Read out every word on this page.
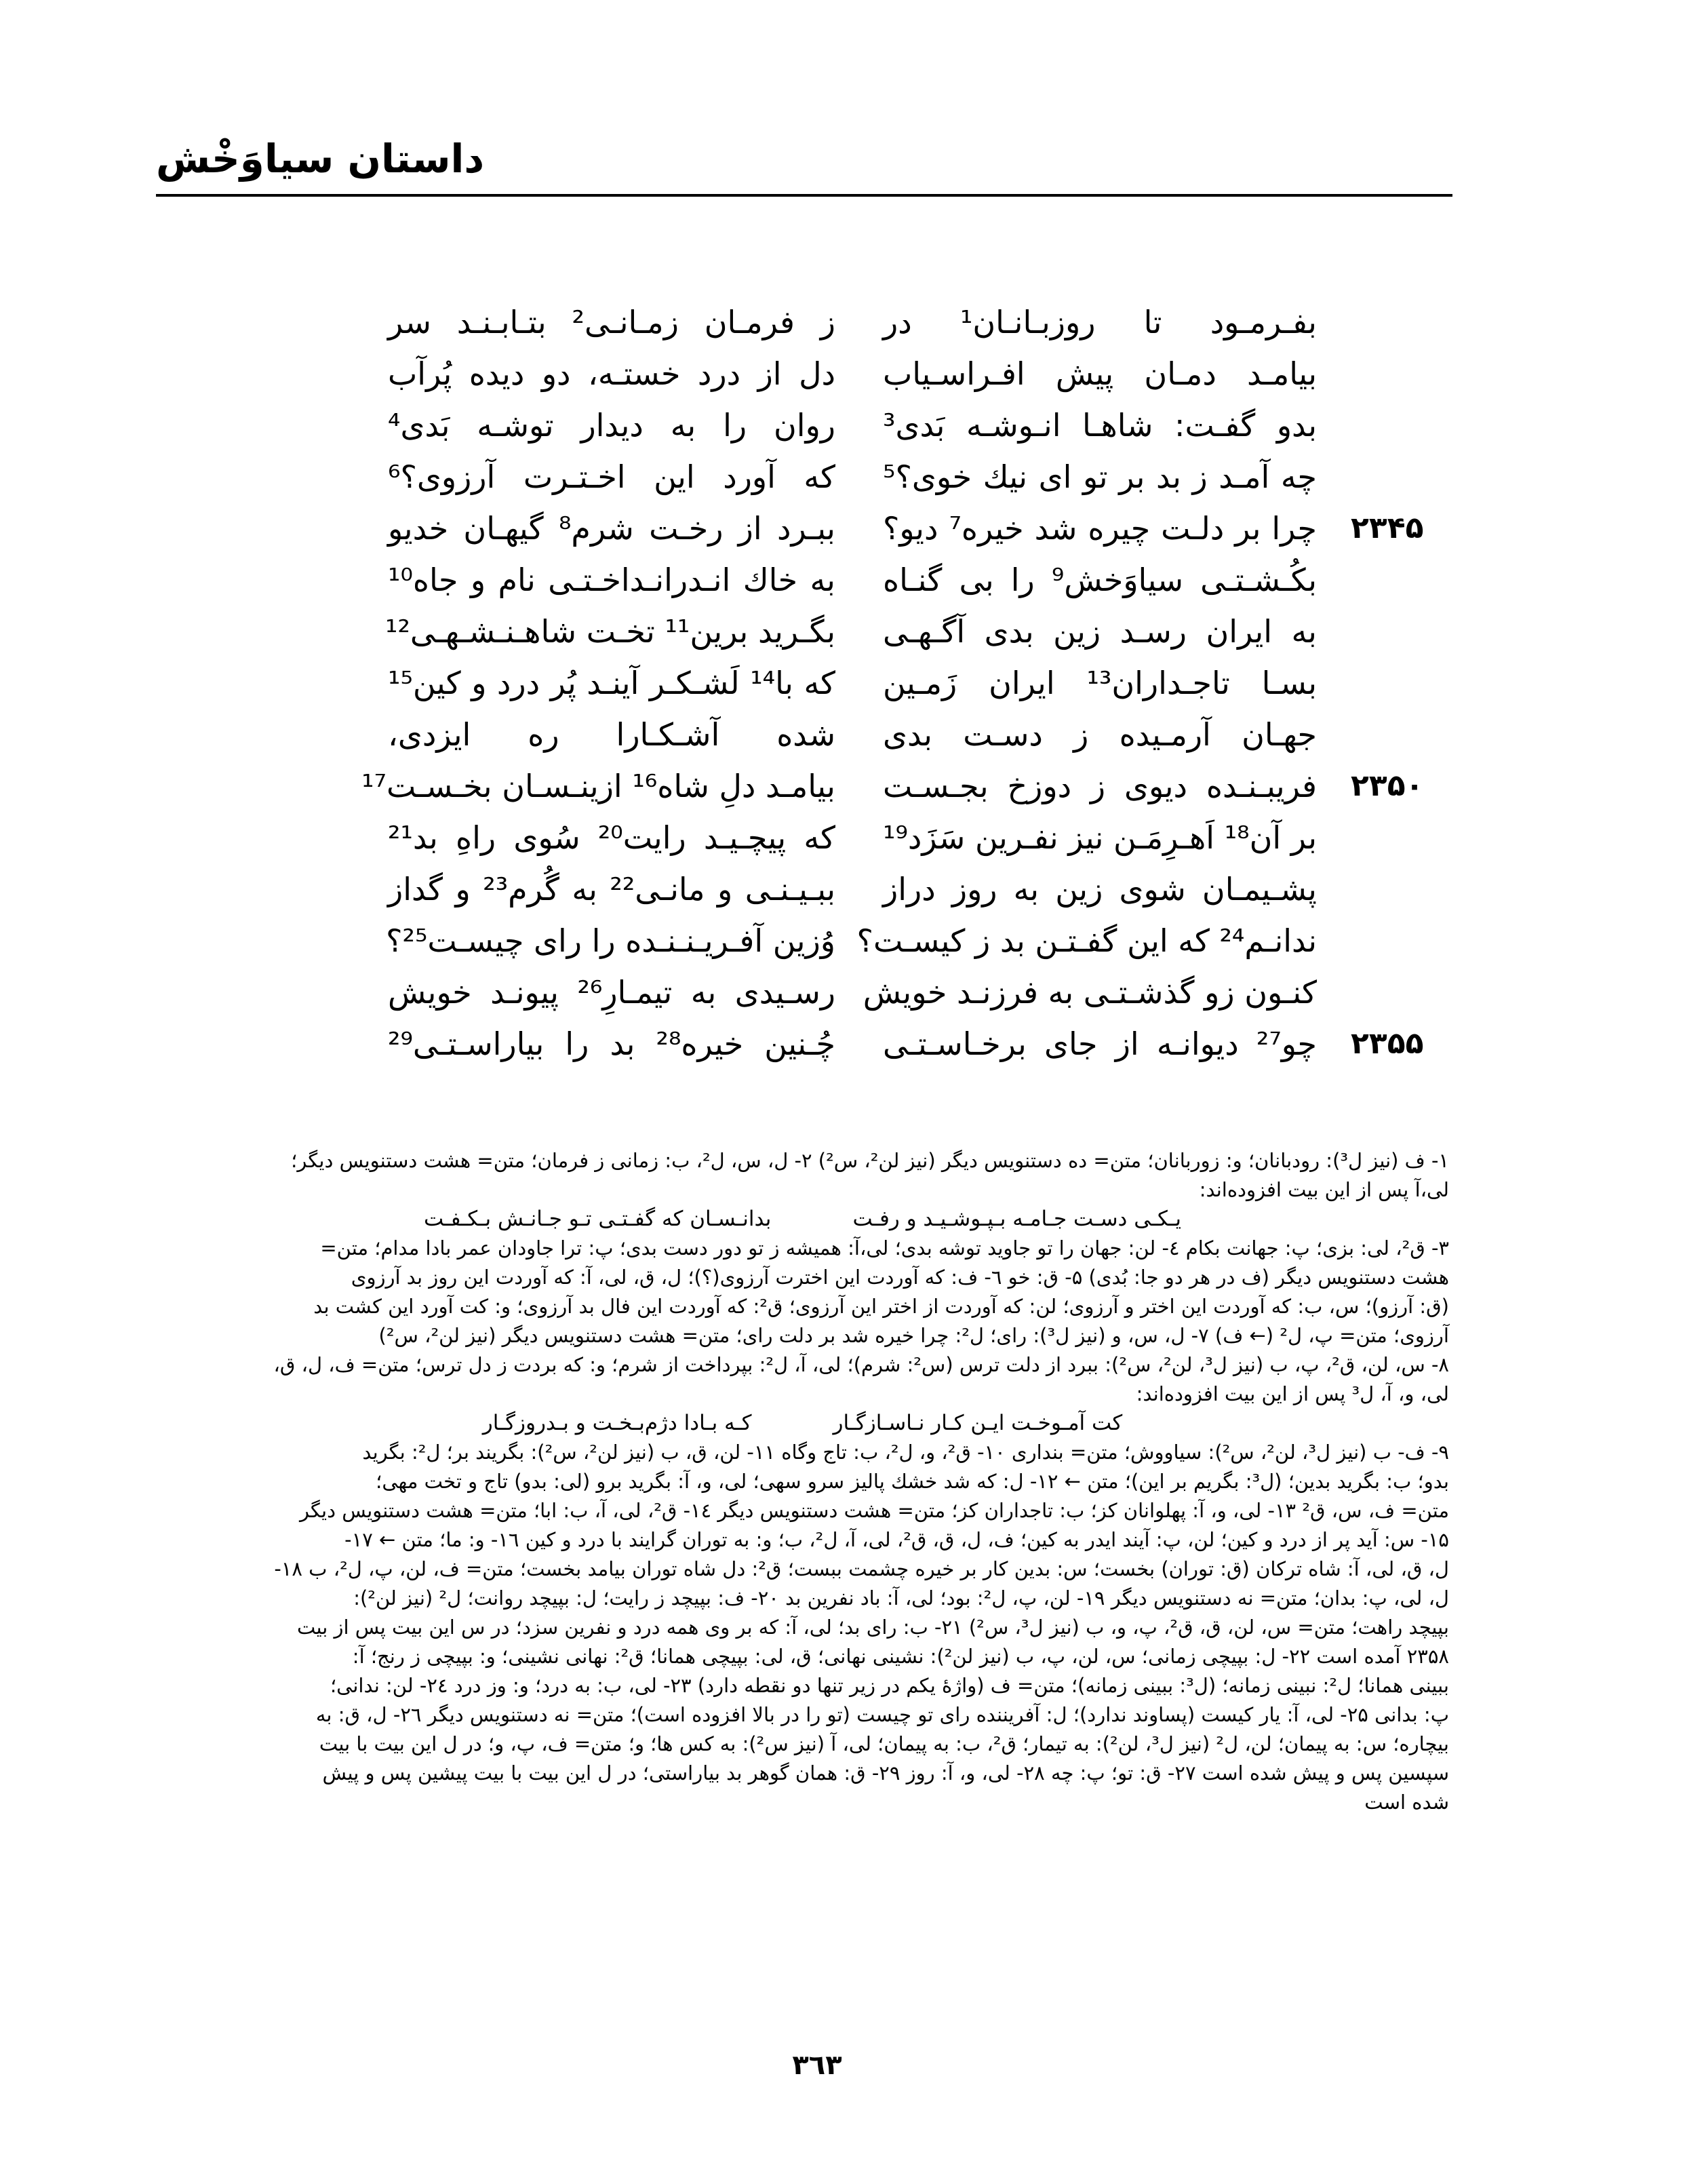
داستان سیاوَخْش
بفـرمـود تا روزبـانـان¹ در
ز فرمـان زمـانـی² بتـابـنـد سر
بیامـد دمـان پیش افـراسـیاب
دل از درد خستـه، دو دیده پُرآب
بدو گفـت: شاهـا انـوشـه بَدی³
روان را به دیدار توشـه بَدی⁴
چه آمـد ز بد بر تو ای نیك خوی؟⁵
که آورد این اخـتـرت آرزوی؟⁶
۲۳۴۵
چرا بر دلـت چیره شد خیره⁷ دیو؟
ببـرد از رخـت شرم⁸ گیهـان خدیو
بکُـشـتـی سیاوَخش⁹ را بی گنـاه
به خاك انـدرانـداخـتـی نام و جاه¹⁰
به ایران رسـد زین بدی آگـهـی
بگـرید برین¹¹ تخـت شاهـنـشـهـی¹²
بسـا تاجـداران¹³ ایران زَمـین
که با¹⁴ لَشـکـر آینـد پُر درد و کین¹⁵
جهـان آرمـیده ز دسـت بدی
شده آشـکـارا ره ایزدی،
۲۳۵۰
فریبـنـده دیوی ز دوزخ بجـسـت
بیامـد دلِ شاه¹⁶ ازینـسـان بخـسـت¹⁷
بر آن¹⁸ اَهـرِمَـن نیز نفـرین سَزَد¹⁹
که پیچـیـد رایت²⁰ سُوی راهِ بد²¹
پشـیمـان شوی زین به روز دراز
ببـیـنـی و مانـی²² به گُرم²³ و گداز
ندانـم²⁴ که این گفـتـن بد ز کیسـت؟
وُزین آفـریـنـنـده را رای چیسـت²⁵؟
کنـون زو گذشـتـی به فرزنـد خویش
رسـیدی به تیمـارِ²⁶ پیونـد خویش
۲۳۵۵
چو²⁷ دیوانـه از جای برخـاسـتـی
چُـنین خیره²⁸ بد را بیاراسـتـی²⁹
۱- ف (نیز ل³): رودبانان؛ و: زوربانان؛ متن= ده دستنویس دیگر (نیز لن²، س²) ۲- ل، س، ل²، ب: زمانی ز فرمان؛ متن= هشت دستنویس دیگر؛
لی،آ پس از این بیت افزوده‌اند:
یـکـی دسـت جـامـه بـپـوشـیـد و رفـت
بدانـسـان که گفـتـی تـو جـانـش بـکـفـت
۳- ق²، لی: بزی؛ پ: جهانت بکام ٤- لن: جهان را تو جاوید توشه بدی؛ لی،آ: همیشه ز تو دور دست بدی؛ پ: ترا جاودان عمر بادا مدام؛ متن=
هشت دستنویس دیگر (ف در هر دو جا: بُدی) ۵- ق: خو ٦- ف: که آوردت این اخترت آرزوی(؟)؛ ل، ق، لی، آ: که آوردت این روز بد آرزوی
(ق: آرزو)؛ س، ب: که آوردت این اختر و آرزوی؛ لن: که آوردت از اختر این آرزوی؛ ق²: که آوردت این فال بد آرزوی؛ و: کت آورد این کشت بد
آرزوی؛ متن= پ، ل² (← ف) ۷- ل، س، و (نیز ل³): رای؛ ل²: چرا خیره شد بر دلت رای؛ متن= هشت دستنویس دیگر (نیز لن²، س²)
۸- س، لن، ق²، پ، ب (نیز ل³، لن²، س²): ببرد از دلت ترس (س²: شرم)؛ لی، آ، ل²: بپرداخت از شرم؛ و: که بردت ز دل ترس؛ متن= ف، ل، ق،
لی، و، آ، ل³ پس از این بیت افزوده‌اند:
کت آمـوخـت ایـن کـار نـاسـازگـار
کـه بـادا دژم‌بـخـت و بـدروزگـار
۹- ف- ب (نیز ل³، لن²، س²): سیاووش؛ متن= بنداری ۱۰- ق²، و، ل²، ب: تاج وگاه ۱۱- لن، ق، ب (نیز لن²، س²): بگریند بر؛ ل²: بگرید
بدو؛ ب: بگرید بدین؛ (ل³: بگریم بر این)؛ متن ← ۱۲- ل: که شد خشك پالیز سرو سهی؛ لی، و، آ: بگرید برو (لی: بدو) تاج و تخت مهی؛
متن= ف، س، ق² ۱۳- لی، و، آ: پهلوانان کز؛ ب: تاجداران کز؛ متن= هشت دستنویس دیگر ١٤- ق²، لی، آ، ب: ابا؛ متن= هشت دستنویس دیگر
۱۵- س: آید پر از درد و کین؛ لن، پ: آیند ایدر به کین؛ ف، ل، ق، ق²، لی، آ، ل²، ب؛ و: به توران گرایند با درد و کین ۱٦- و: ما؛ متن ← ۱۷-
ل، ق، لی، آ: شاه ترکان (ق: توران) بخست؛ س: بدین کار بر خیره چشمت ببست؛ ق²: دل شاه توران بیامد بخست؛ متن= ف، لن، پ، ل²، ب ۱۸-
ل، لی، پ: بدان؛ متن= نه دستنویس دیگر ۱۹- لن، پ، ل²: بود؛ لی، آ: باد نفرین بد ۲۰- ف: بپیچد ز رایت؛ ل: بپیچد روانت؛ ل² (نیز لن²):
بپیچد راهت؛ متن= س، لن، ق، ق²، پ، و، ب (نیز ل³، س²) ۲۱- ب: رای بد؛ لی، آ: که بر وی همه درد و نفرین سزد؛ در س این بیت پس از بیت
۲۳۵۸ آمده است ۲۲- ل: بپیچی زمانی؛ س، لن، پ، ب (نیز لن²): نشینی نهانی؛ ق، لی: بپیچی همانا؛ ق²: نهانی نشینی؛ و: بپیچی ز رنج؛ آ:
ببینی همانا؛ ل²: نبینی زمانه؛ (ل³: ببینی زمانه)؛ متن= ف (واژهٔ یکم در زیر تنها دو نقطه دارد) ۲۳- لی، ب: به درد؛ و: وز درد ۲٤- لن: ندانی؛
پ: بدانی ۲۵- لی، آ: یار کیست (پساوند ندارد)؛ ل: آفریننده رای تو چیست (تو را در بالا افزوده است)؛ متن= نه دستنویس دیگر ۲٦- ل، ق: به
بیچاره؛ س: به پیمان؛ لن، ل² (نیز ل³، لن²): به تیمار؛ ق²، ب: به پیمان؛ لی، آ (نیز س²): به کس ها؛ و؛ متن= ف، پ، و؛ در ل این بیت با بیت
سپسین پس و پیش شده است ۲۷- ق: تو؛ پ: چه ۲۸- لی، و، آ: روز ۲۹- ق: همان گوهر بد بیاراستی؛ در ل این بیت با بیت پیشین پس و پیش
شده است
۳٦۳
